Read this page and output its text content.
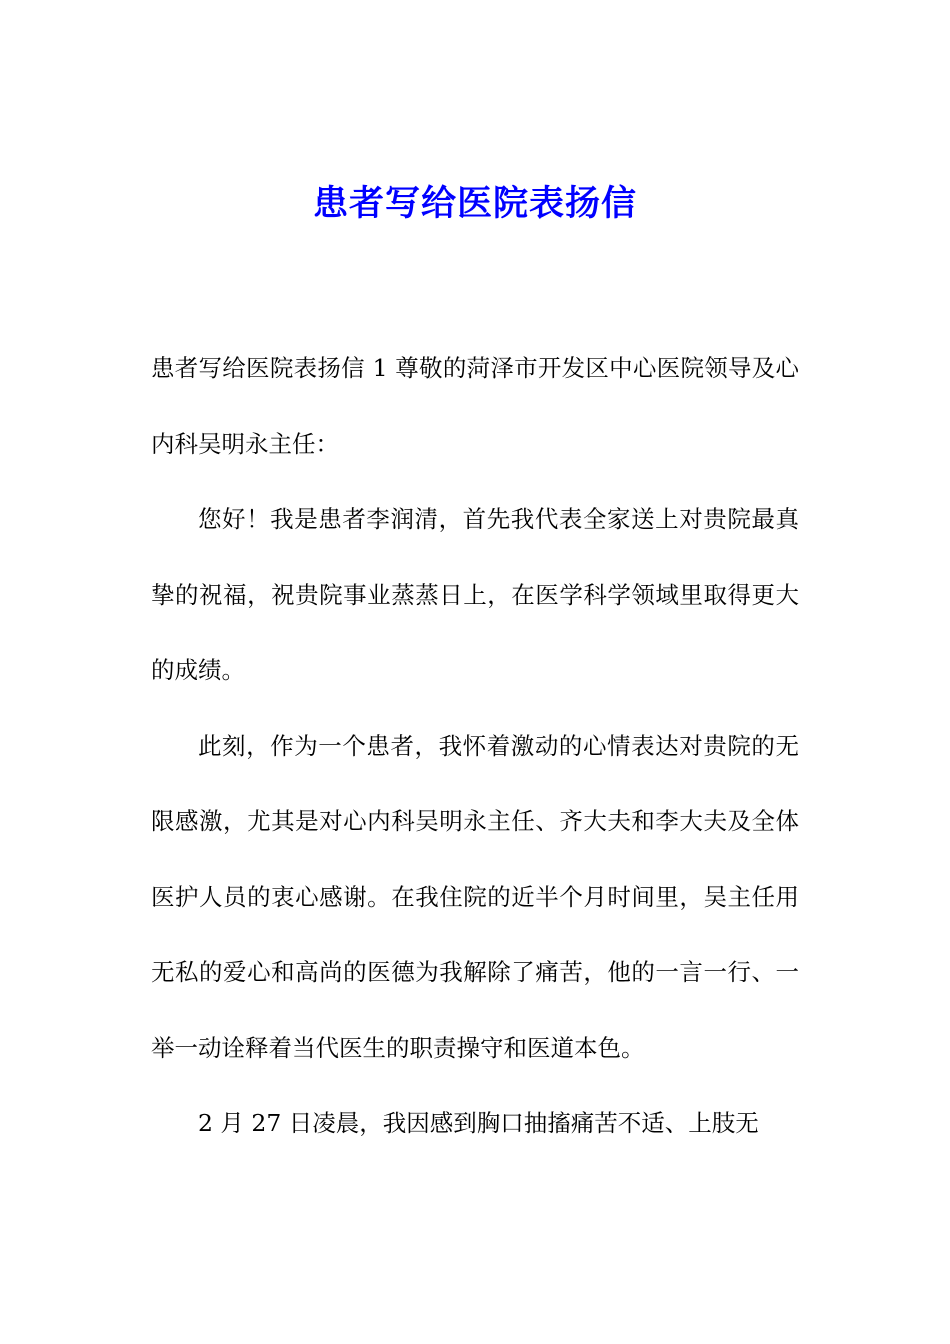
患者写给医院表扬信

患者写给医院表扬信 1 尊敬的菏泽市开发区中心医院领导及心内科吴明永主任：

您好！我是患者李润清，首先我代表全家送上对贵院最真挚的祝福，祝贵院事业蒸蒸日上，在医学科学领域里取得更大的成绩。

此刻，作为一个患者，我怀着激动的心情表达对贵院的无限感激，尤其是对心内科吴明永主任、齐大夫和李大夫及全体医护人员的衷心感谢。在我住院的近半个月时间里，吴主任用无私的爱心和高尚的医德为我解除了痛苦，他的一言一行、一举一动诠释着当代医生的职责操守和医道本色。

2 月 27 日凌晨，我因感到胸口抽搐痛苦不适、上肢无
